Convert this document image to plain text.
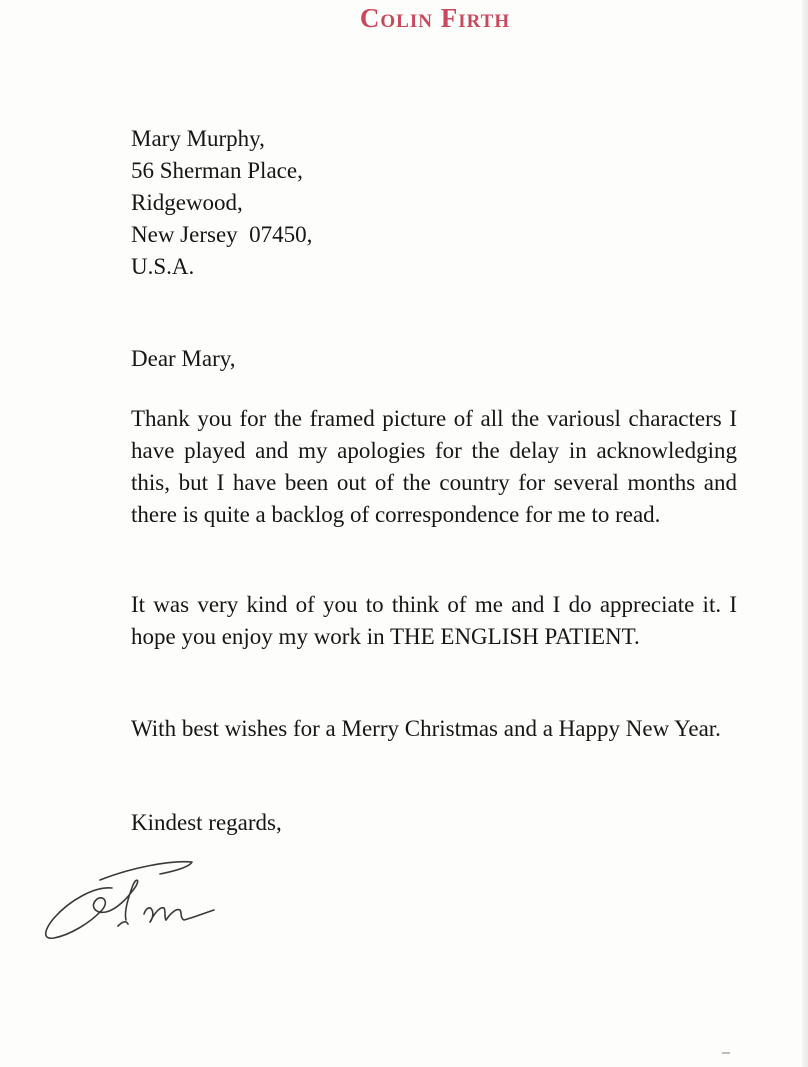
Colin Firth
Mary Murphy,
56 Sherman Place,
Ridgewood,
New Jersey  07450,
U.S.A.
Dear Mary,
Thank you for the framed picture of all the variousl characters I have played and my apologies for the delay in acknowledging this, but I have been out of the country for several months and there is quite a backlog of correspondence for me to read.
It was very kind of you to think of me and I do appreciate it. I hope you enjoy my work in THE ENGLISH PATIENT.
With best wishes for a Merry Christmas and a Happy New Year.
Kindest regards,
